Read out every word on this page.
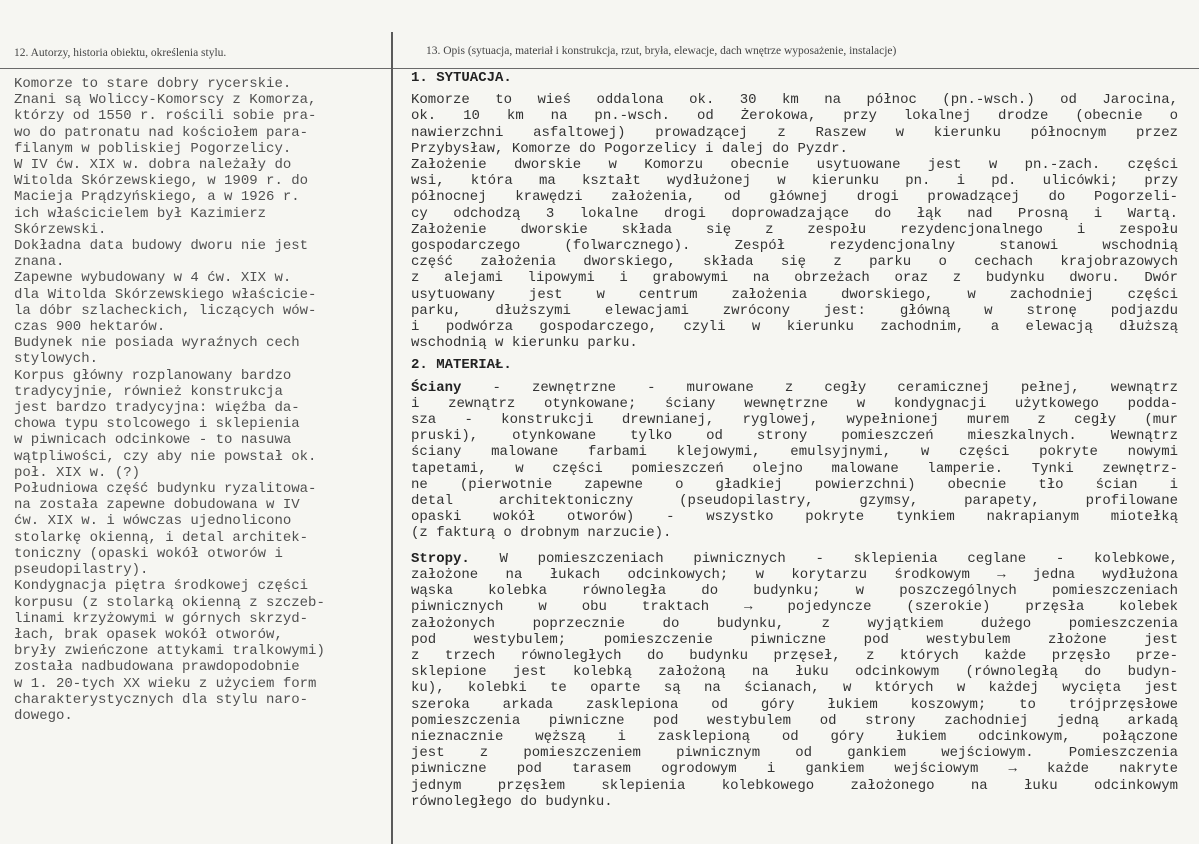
12. Autorzy, historia obiektu, określenia stylu.	13. Opis (sytuacja, materiał i konstrukcja, rzut, bryła, elewacje, dach wnętrze wyposażenie, instalacje)
Komorze to stare dobry rycerskie.
Znani są Woliccy-Komorscy z Komorza,
którzy od 1550 r. rościli sobie pra-
wo do patronatu nad kościołem para-
filanym w pobliskiej Pogorzelicy.
W IV ćw. XIX w. dobra należały do
Witolda Skórzewskiego, w 1909 r. do
Macieja Prądzyńskiego, a w 1926 r.
ich właścicielem był Kazimierz
Skórzewski.
Dokładna data budowy dworu nie jest
znana.
Zapewne wybudowany w 4 ćw. XIX w.
dla Witolda Skórzewskiego właściciе-
la dóbr szlacheckich, liczących wów-
czas 900 hektarów.
Budynek nie posiada wyraźnych cech
stylowych.
Korpus główny rozplanowany bardzo
tradycyjnie, również konstrukcja
jest bardzo tradycyjna: więźba da-
chowa typu stolcowego i sklepienia
w piwnicach odcinkowe - to nasuwa
wątpliwości, czy aby nie powstał ok.
poł. XIX w. (?)
Południowa część budynku ryzalitowa-
na została zapewne dobudowana w IV
ćw. XIX w. i wówczas ujednolicono
stolarkę okienną, i detal architek-
toniczny (opaski wokół otworów i
pseudopilastry).
Kondygnacja piętra środkowej części
korpusu (z stolarką okienną z szczeb-
linami krzyżowymi w górnych skrzyd-
łach, brak opasek wokół otworów,
bryły zwieńczone attykami tralkowymi)
została nadbudowana prawdopodobnie
w 1. 20-tych XX wieku z użyciem form
charakterystycznych dla stylu naro-
dowego.
1. SYTUACJA.
Komorze to wieś oddalona ok. 30 km na północ (pn.-wsch.) od Jarocina,
ok. 10 km na pn.-wsch. od Żerokowa, przy lokalnej drodze (obecnie o
nawierzchni asfaltowej) prowadzącej z Raszew w kierunku północnym przez
Przybysław, Komorze do Pogorzelicy i dalej do Pyzdr.
Założenie dworskie w Komorzu obecnie usytuowane jest w pn.-zach. części
wsi, która ma kształt wydłużonej w kierunku pn. i pd. ulicówki; przy
północnej krawędzi założenia, od głównej drogi prowadzącej do Pogorzeli-
cy odchodzą 3 lokalne drogi doprowadzające do łąk nad Prosną i Wartą.
Założenie dworskie składa się z zespołu rezydencjonalnego i zespołu
gospodarczego (folwarcznego). Zespół rezydencjonalny stanowi wschodnią
część założenia dworskiego, składa się z parku o cechach krajobrazowych
z alejami lipowymi i grabowymi na obrzeżach oraz z budynku dworu. Dwór
usytuowany jest w centrum założenia dworskiego, w zachodniej części
parku, dłuższymi elewacjami zwrócony jest: główną w stronę podjazdu
i podwórza gospodarczego, czyli w kierunku zachodnim, a elewacją dłuższą
wschodnią w kierunku parku.
2. MATERIAŁ.
Ściany - zewnętrzne - murowane z cegły ceramicznej pełnej, wewnątrz
i zewnątrz otynkowane; ściany wewnętrzne w kondygnacji użytkowego podda-
sza - konstrukcji drewnianej, ryglowej, wypełnionej murem z cegły (mur
pruski), otynkowane tylko od strony pomieszczeń mieszkalnych. Wewnątrz
ściany malowane farbami klejowymi, emulsyjnymi, w części pokryte nowymi
tapetami, w części pomieszczeń olejno malowane lamperie. Tynki zewnętrz-
ne (pierwotnie zapewne o gładkiej powierzchni) obecnie tło ścian i
detal architektoniczny (pseudopilastry, gzymsy, parapety, profilowane
opaski wokół otworów) - wszystko pokryte tynkiem nakrapianym miotełką
(z fakturą o drobnym narzucie).
Stropy. W pomieszczeniach piwnicznych - sklepienia ceglane - kolebkowe,
założone na łukach odcinkowych; w korytarzu środkowym → jedna wydłużona
wąska kolebka równoległa do budynku; w poszczególnych pomieszczeniach
piwnicznych w obu traktach → pojedyncze (szerokie) przęsła kolebek
założonych poprzecznie do budynku, z wyjątkiem dużego pomieszczenia
pod westybulem; pomieszczenie piwniczne pod westybulem złożone jest
z trzech równoległych do budynku przęseł, z których każde przęsło prze-
sklepione jest kolebką założoną na łuku odcinkowym (równoległą do budyn-
ku), kolebki te oparte są na ścianach, w których w każdej wycięta jest
szeroka arkada zasklepiona od góry łukiem koszowym; to trójprzęsłowe
pomieszczenia piwniczne pod westybulem od strony zachodniej jedną arkadą
nieznacznie węższą i zasklepioną od góry łukiem odcinkowym, połączone
jest z pomieszczeniem piwnicznym od gankiem wejściowym. Pomieszczenia
piwniczne pod tarasem ogrodowym i gankiem wejściowym → każde nakryte
jednym przęsłem sklepienia kolebkowego założonego na łuku odcinkowym
równoległego do budynku.
